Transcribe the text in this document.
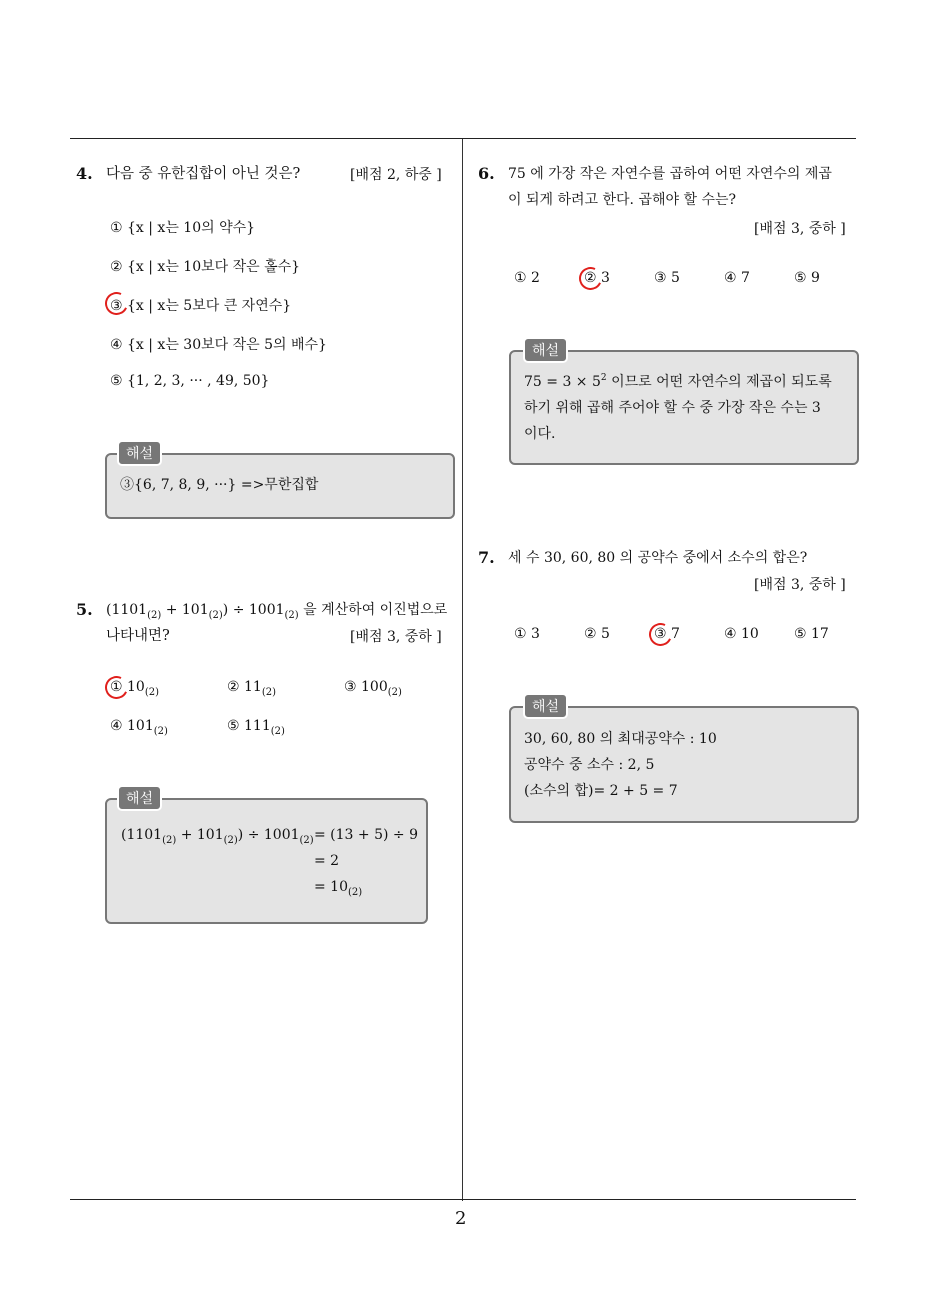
2
4. 다음 중 유한집합이 아닌 것은?	[배점 2, 하중 ]
① {x | x는 10의 약수}
② {x | x는 10보다 작은 홀수}
③ {x | x는 5보다 큰 자연수}
④ {x | x는 30보다 작은 5의 배수}
⑤ {1, 2, 3, ··· , 49, 50}
③{6, 7, 8, 9, ···} =>무한집합
해설
5. $(1101_{(2)} + 101_{(2)}) \div 1001_{(2)}$ 을 계산하여 이진법으로
나타내면?	[배점 3, 중하 ]
① $10_{(2)}$	② $11_{(2)}$	③ $100_{(2)}$
④ $101_{(2)}$	⑤ $111_{(2)}$
$(1101_{(2)} + 101_{(2)}) \div 1001_{(2)} = (13 + 5) \div 9$
= 2
= $10_{(2)}$
해설
6. 75 에 가장 작은 자연수를 곱하여 어떤 자연수의 제곱
이 되게 하려고 한다. 곱해야 할 수는?
[배점 3, 중하 ]
① 2	② 3	③ 5	④ 7	⑤ 9
$75 = 3 \times 5^2$ 이므로 어떤 자연수의 제곱이 되도록
하기 위해 곱해 주어야 할 수 중 가장 작은 수는 3
이다.
해설
7. 세 수 30, 60, 80 의 공약수 중에서 소수의 합은?
[배점 3, 중하 ]
① 3	② 5	③ 7	④ 10	⑤ 17
30, 60, 80 의 최대공약수 : 10
공약수 중 소수 : 2, 5
(소수의 합)= 2 + 5 = 7
해설
